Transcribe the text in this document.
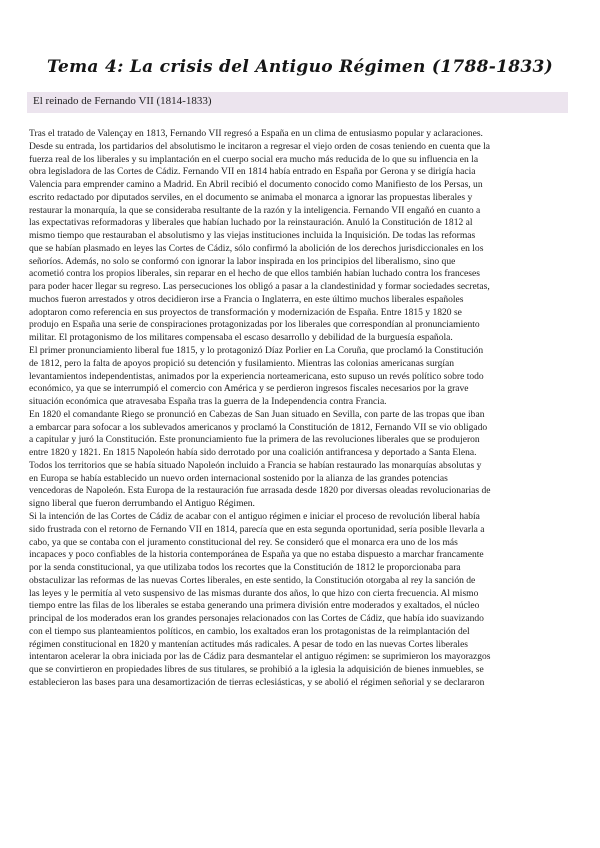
Tema 4: La crisis del Antiguo Régimen (1788-1833)
El reinado de Fernando VII (1814-1833)
Tras el tratado de Valençay en 1813, Fernando VII regresó a España en un clima de entusiasmo popular y aclaraciones.
Desde su entrada, los partidarios del absolutismo le incitaron a regresar el viejo orden de cosas teniendo en cuenta que la
fuerza real de los liberales y su implantación en el cuerpo social era mucho más reducida de lo que su influencia en la
obra legisladora de las Cortes de Cádiz. Fernando VII en 1814 había entrado en España por Gerona y se dirigía hacia
Valencia para emprender camino a Madrid. En Abril recibió el documento conocido como Manifiesto de los Persas, un
escrito redactado por diputados serviles, en el documento se animaba el monarca a ignorar las propuestas liberales y
restaurar la monarquía, la que se consideraba resultante de la razón y la inteligencia. Fernando VII engañó en cuanto a
las expectativas reformadoras y liberales que habían luchado por la reinstauración. Anuló la Constitución de 1812 al
mismo tiempo que restauraban el absolutismo y las viejas instituciones incluida la Inquisición. De todas las reformas
que se habían plasmado en leyes las Cortes de Cádiz, sólo confirmó la abolición de los derechos jurisdiccionales en los
señoríos. Además, no solo se conformó con ignorar la labor inspirada en los principios del liberalismo, sino que
acometió contra los propios liberales, sin reparar en el hecho de que ellos también habían luchado contra los franceses
para poder hacer llegar su regreso. Las persecuciones los obligó a pasar a la clandestinidad y formar sociedades secretas,
muchos fueron arrestados y otros decidieron irse a Francia o Inglaterra, en este último muchos liberales españoles
adoptaron como referencia en sus proyectos de transformación y modernización de España. Entre 1815 y 1820 se
produjo en España una serie de conspiraciones protagonizadas por los liberales que correspondían al pronunciamiento
militar. El protagonismo de los militares compensaba el escaso desarrollo y debilidad de la burguesía española.
El primer pronunciamiento liberal fue 1815, y lo protagonizó Díaz Porlier en La Coruña, que proclamó la Constitución
de 1812, pero la falta de apoyos propició su detención y fusilamiento. Mientras las colonias americanas surgían
levantamientos independentistas, animados por la experiencia norteamericana, esto supuso un revés político sobre todo
económico, ya que se interrumpió el comercio con América y se perdieron ingresos fiscales necesarios por la grave
situación económica que atravesaba España tras la guerra de la Independencia contra Francia.
En 1820 el comandante Riego se pronunció en Cabezas de San Juan situado en Sevilla, con parte de las tropas que iban
a embarcar para sofocar a los sublevados americanos y proclamó la Constitución de 1812, Fernando VII se vio obligado
a capitular y juró la Constitución. Este pronunciamiento fue la primera de las revoluciones liberales que se produjeron
entre 1820 y 1821. En 1815 Napoleón había sido derrotado por una coalición antifrancesa y deportado a Santa Elena.
Todos los territorios que se había situado Napoleón incluido a Francia se habían restaurado las monarquías absolutas y
en Europa se había establecido un nuevo orden internacional sostenido por la alianza de las grandes potencias
vencedoras de Napoleón. Esta Europa de la restauración fue arrasada desde 1820 por diversas oleadas revolucionarias de
signo liberal que fueron derrumbando el Antiguo Régimen.
Si la intención de las Cortes de Cádiz de acabar con el antiguo régimen e iniciar el proceso de revolución liberal había
sido frustrada con el retorno de Fernando VII en 1814, parecía que en esta segunda oportunidad, sería posible llevarla a
cabo, ya que se contaba con el juramento constitucional del rey. Se consideró que el monarca era uno de los más
incapaces y poco confiables de la historia contemporánea de España ya que no estaba dispuesto a marchar francamente
por la senda constitucional, ya que utilizaba todos los recortes que la Constitución de 1812 le proporcionaba para
obstaculizar las reformas de las nuevas Cortes liberales, en este sentido, la Constitución otorgaba al rey la sanción de
las leyes y le permitía al veto suspensivo de las mismas durante dos años, lo que hizo con cierta frecuencia. Al mismo
tiempo entre las filas de los liberales se estaba generando una primera división entre moderados y exaltados, el núcleo
principal de los moderados eran los grandes personajes relacionados con las Cortes de Cádiz, que había ido suavizando
con el tiempo sus planteamientos políticos, en cambio, los exaltados eran los protagonistas de la reimplantación del
régimen constitucional en 1820 y mantenían actitudes más radicales. A pesar de todo en las nuevas Cortes liberales
intentaron acelerar la obra iniciada por las de Cádiz para desmantelar el antiguo régimen: se suprimieron los mayorazgos
que se convirtieron en propiedades libres de sus titulares, se prohibió a la iglesia la adquisición de bienes inmuebles, se
establecieron las bases para una desamortización de tierras eclesiásticas, y se abolió el régimen señorial y se declararon
